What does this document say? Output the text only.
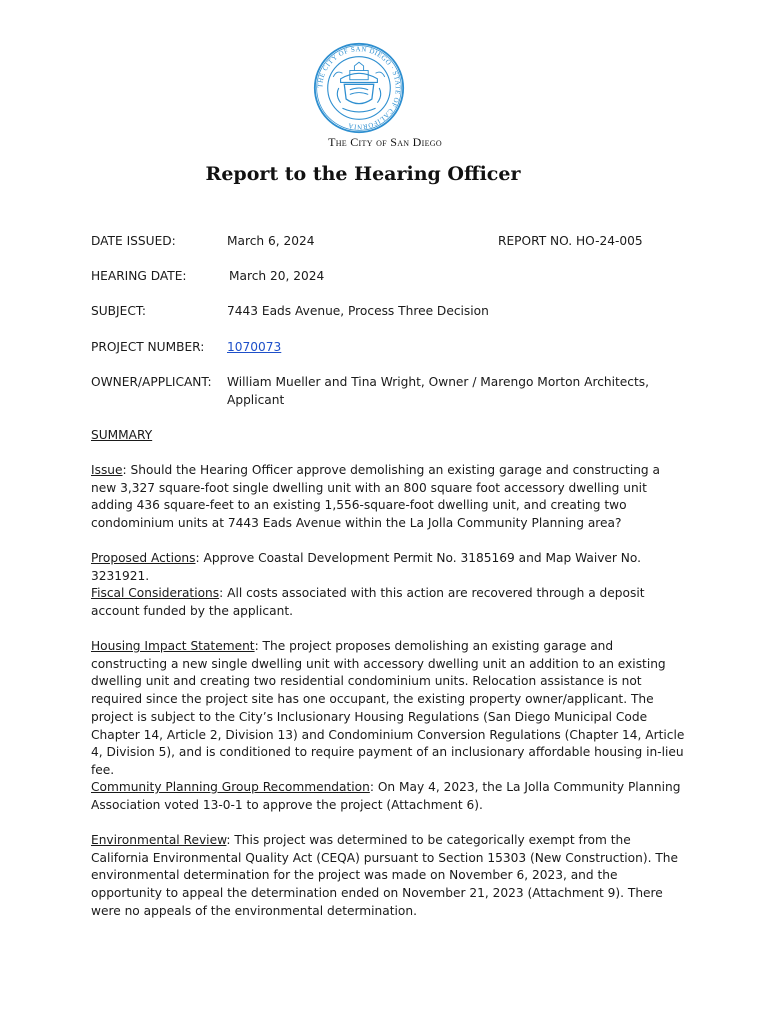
THE CITY OF SAN DIEGO · STATE OF CALIFORNIA
The City of San Diego
Report to the Hearing Officer
DATE ISSUED:	March 6, 2024	REPORT NO. HO-24-005
HEARING DATE:	March 20, 2024
SUBJECT:	7443 Eads Avenue, Process Three Decision
PROJECT NUMBER: 1070073
OWNER/APPLICANT: William Mueller and Tina Wright, Owner / Marengo Morton Architects, Applicant
SUMMARY
Issue: Should the Hearing Officer approve demolishing an existing garage and constructing a new 3,327 square-foot single dwelling unit with an 800 square foot accessory dwelling unit adding 436 square-feet to an existing 1,556-square-foot dwelling unit, and creating two condominium units at 7443 Eads Avenue within the La Jolla Community Planning area?
Proposed Actions: Approve Coastal Development Permit No. 3185169 and Map Waiver No. 3231921.
Fiscal Considerations: All costs associated with this action are recovered through a deposit account funded by the applicant.
Housing Impact Statement: The project proposes demolishing an existing garage and constructing a new single dwelling unit with accessory dwelling unit an addition to an existing dwelling unit and creating two residential condominium units. Relocation assistance is not required since the project site has one occupant, the existing property owner/applicant. The project is subject to the City’s Inclusionary Housing Regulations (San Diego Municipal Code Chapter 14, Article 2, Division 13) and Condominium Conversion Regulations (Chapter 14, Article 4, Division 5), and is conditioned to require payment of an inclusionary affordable housing in-lieu fee.
Community Planning Group Recommendation: On May 4, 2023, the La Jolla Community Planning Association voted 13-0-1 to approve the project (Attachment 6).
Environmental Review: This project was determined to be categorically exempt from the California Environmental Quality Act (CEQA) pursuant to Section 15303 (New Construction). The environmental determination for the project was made on November 6, 2023, and the opportunity to appeal the determination ended on November 21, 2023 (Attachment 9). There were no appeals of the environmental determination.
